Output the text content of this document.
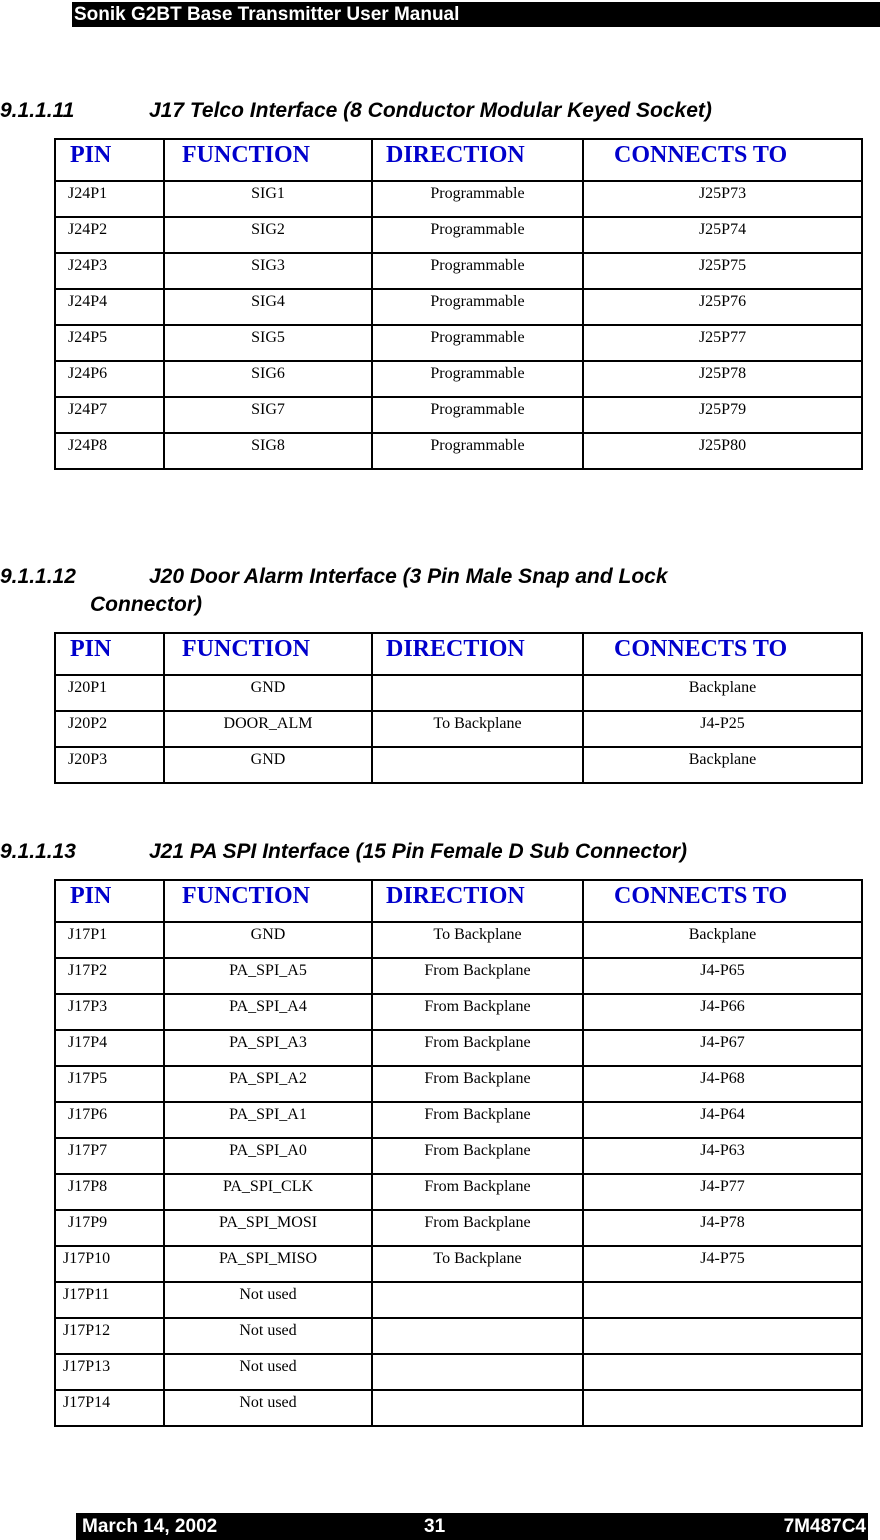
Sonik G2BT Base Transmitter User Manual
9.1.1.11	J17 Telco Interface (8 Conductor Modular Keyed Socket)
PIN	FUNCTION	DIRECTION	CONNECTS TO
J24P1	SIG1	Programmable	J25P73
J24P2	SIG2	Programmable	J25P74
J24P3	SIG3	Programmable	J25P75
J24P4	SIG4	Programmable	J25P76
J24P5	SIG5	Programmable	J25P77
J24P6	SIG6	Programmable	J25P78
J24P7	SIG7	Programmable	J25P79
J24P8	SIG8	Programmable	J25P80
9.1.1.12	J20 Door Alarm Interface (3 Pin Male Snap and Lock
Connector)
PIN	FUNCTION	DIRECTION	CONNECTS TO
J20P1	GND		Backplane
J20P2	DOOR_ALM	To Backplane	J4-P25
J20P3	GND		Backplane
9.1.1.13	J21 PA SPI Interface (15 Pin Female D Sub Connector)
PIN	FUNCTION	DIRECTION	CONNECTS TO
J17P1	GND	To Backplane	Backplane
J17P2	PA_SPI_A5	From Backplane	J4-P65
J17P3	PA_SPI_A4	From Backplane	J4-P66
J17P4	PA_SPI_A3	From Backplane	J4-P67
J17P5	PA_SPI_A2	From Backplane	J4-P68
J17P6	PA_SPI_A1	From Backplane	J4-P64
J17P7	PA_SPI_A0	From Backplane	J4-P63
J17P8	PA_SPI_CLK	From Backplane	J4-P77
J17P9	PA_SPI_MOSI	From Backplane	J4-P78
J17P10	PA_SPI_MISO	To Backplane	J4-P75
J17P11	Not used		
J17P12	Not used		
J17P13	Not used		
J17P14	Not used		
March 14, 2002	31	7M487C4
